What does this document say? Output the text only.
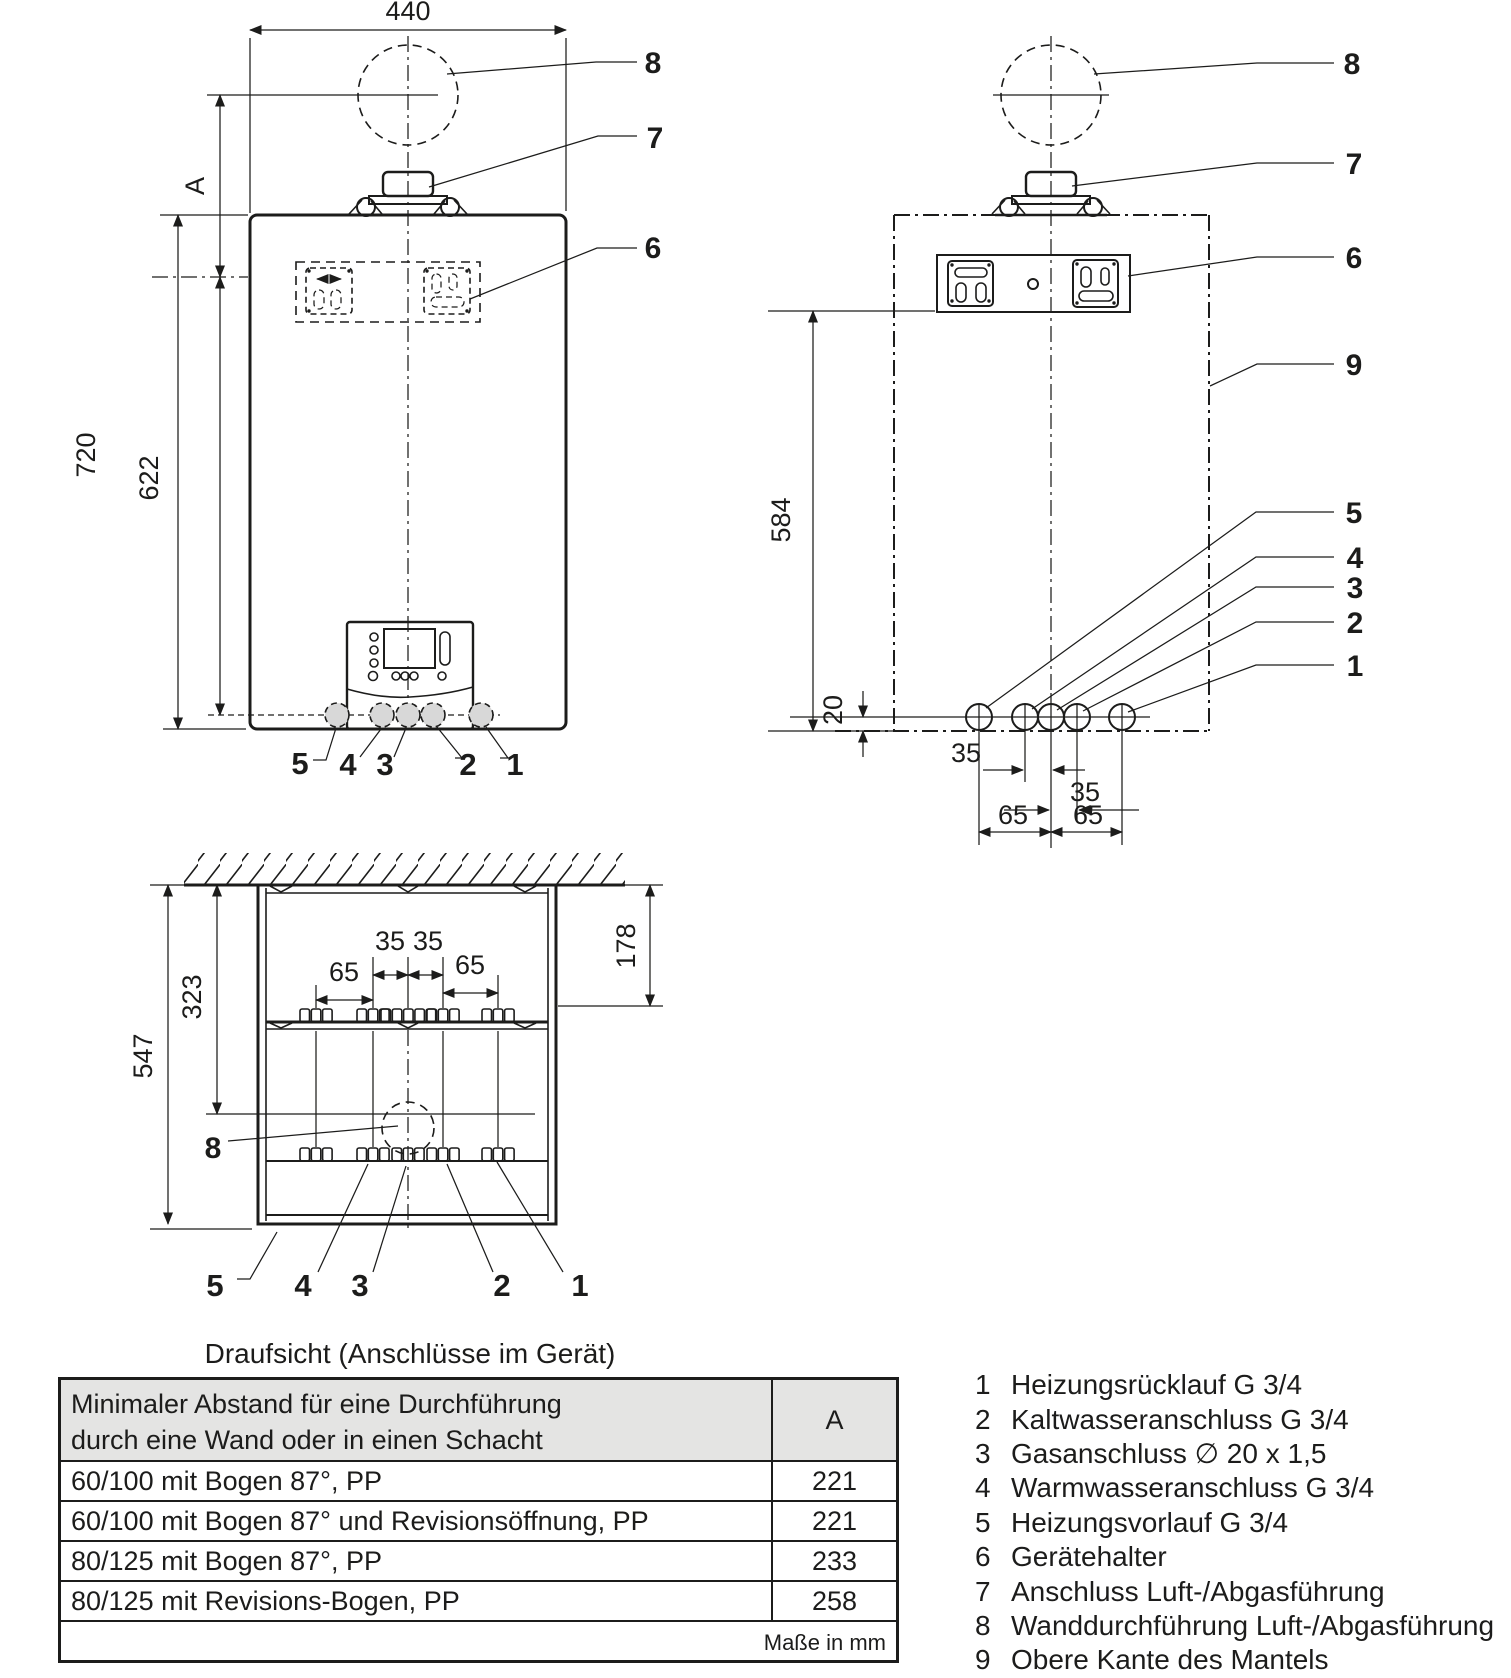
440
A
720
622
8
7
6
5 4 3 2 1
584
20
35
35
65 65
8
7
6
9
5
4
3
2
1
547
323
178
35 35
65	65
8
5 4 3	2 1
Draufsicht (Anschlüsse im Gerät)
Minimaler Abstand für eine Durchführung
durch eine Wand oder in einen Schacht
A
60/100 mit Bogen 87°, PP	221
60/100 mit Bogen 87° und Revisionsöffnung, PP	221
80/125 mit Bogen 87°, PP	233
80/125 mit Revisions-Bogen, PP	258
Maße in mm
1 Heizungsrücklauf G 3/4
2 Kaltwasseranschluss G 3/4
3 Gasanschluss ∅ 20 x 1,5
4 Warmwasseranschluss G 3/4
5 Heizungsvorlauf G 3/4
6 Gerätehalter
7 Anschluss Luft-/Abgasführung
8 Wanddurchführung Luft-/Abgasführung
9 Obere Kante des Mantels
